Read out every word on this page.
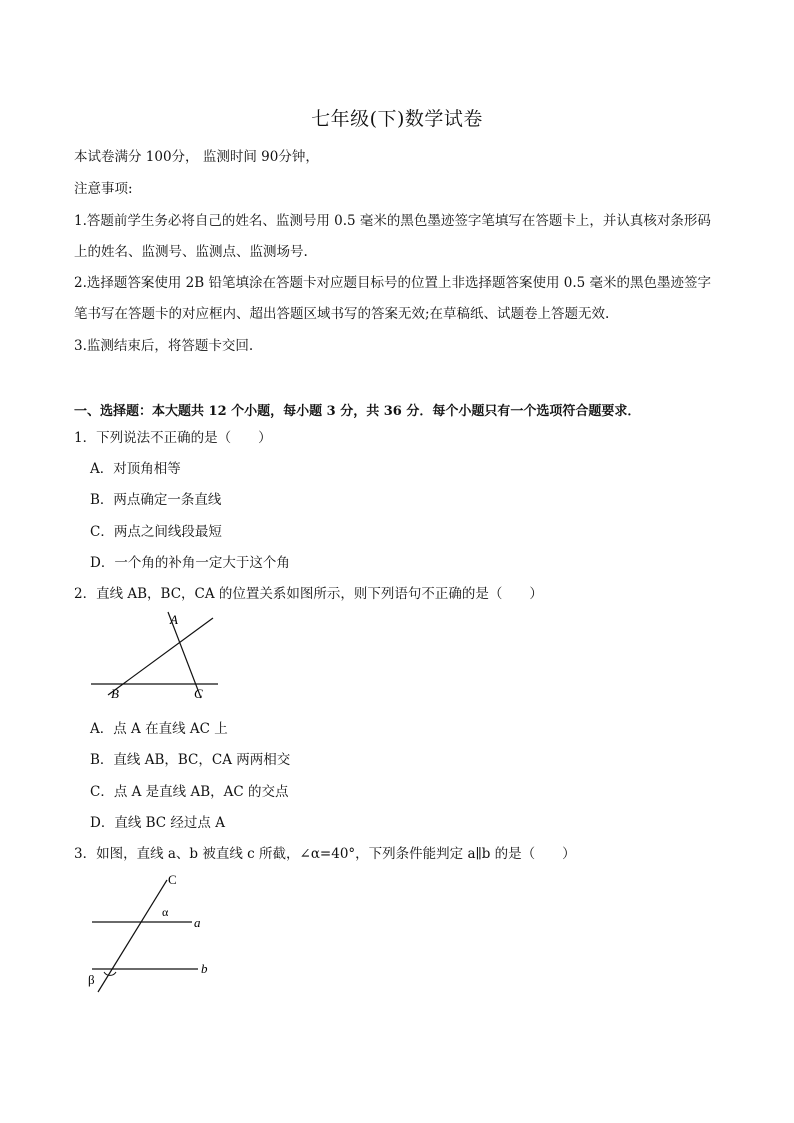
七年级(下)数学试卷
本试卷满分 100分， 监测时间 90分钟，
注意事项:
1.答题前学生务必将自己的姓名、监测号用 0.5 毫米的黑色墨迹签字笔填写在答题卡上，并认真核对条形码
上的姓名、监测号、监测点、监测场号.
2.选择题答案使用 2B 铅笔填涂在答题卡对应题目标号的位置上非选择题答案使用 0.5 毫米的黑色墨迹签字
笔书写在答题卡的对应框内、超出答题区域书写的答案无效;在草稿纸、试题卷上答题无效.
3.监测结束后，将答题卡交回.
一、选择题：本大题共 12 个小题，每小题 3 分，共 36 分．每个小题只有一个选项符合题要求．
1．下列说法不正确的是（　　）
A．对顶角相等
B．两点确定一条直线
C．两点之间线段最短
D．一个角的补角一定大于这个角
2．直线 AB，BC，CA 的位置关系如图所示，则下列语句不正确的是（　　）
A
B	C
A．点 A 在直线 AC 上
B．直线 AB，BC，CA 两两相交
C．点 A 是直线 AB，AC 的交点
D．直线 BC 经过点 A
3．如图，直线 a、b 被直线 c 所截，∠α=40°，下列条件能判定 a∥b 的是（　　）
C
α
a
b
β
